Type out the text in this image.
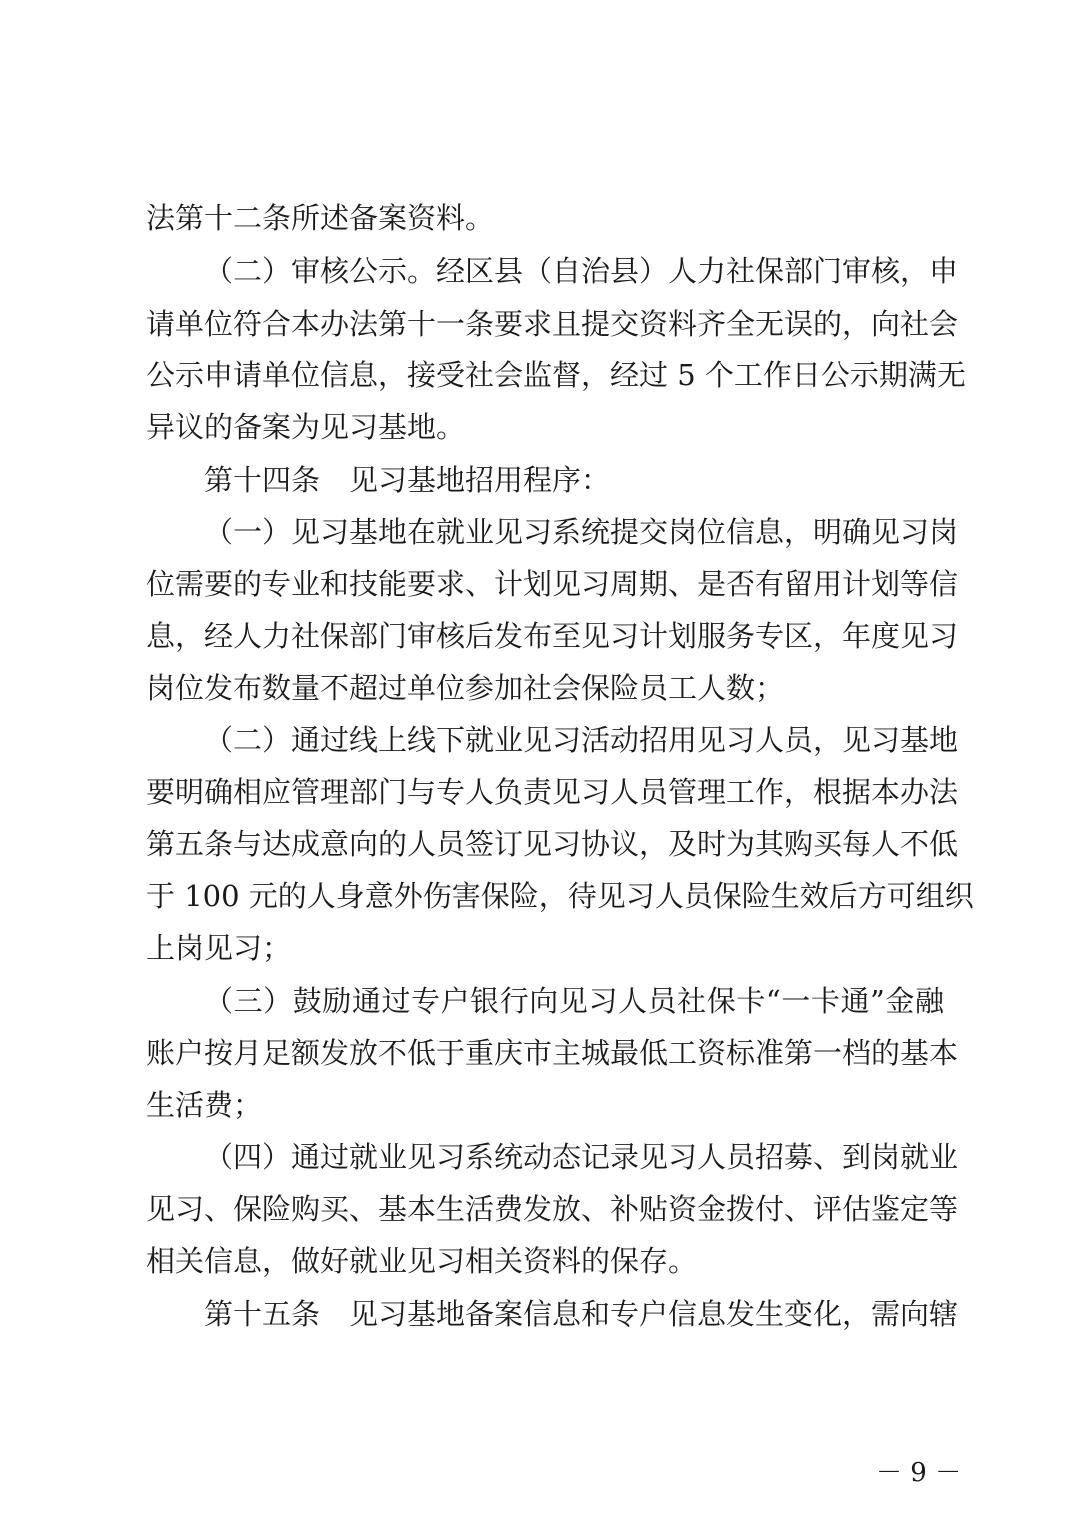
法第十二条所述备案资料。
（二）审核公示。经区县（自治县）人力社保部门审核，申
请单位符合本办法第十一条要求且提交资料齐全无误的，向社会
公示申请单位信息，接受社会监督，经过 5 个工作日公示期满无
异议的备案为见习基地。
第十四条　见习基地招用程序：
（一）见习基地在就业见习系统提交岗位信息，明确见习岗
位需要的专业和技能要求、计划见习周期、是否有留用计划等信
息，经人力社保部门审核后发布至见习计划服务专区，年度见习
岗位发布数量不超过单位参加社会保险员工人数；
（二）通过线上线下就业见习活动招用见习人员，见习基地
要明确相应管理部门与专人负责见习人员管理工作，根据本办法
第五条与达成意向的人员签订见习协议，及时为其购买每人不低
于 100 元的人身意外伤害保险，待见习人员保险生效后方可组织
上岗见习；
（三）鼓励通过专户银行向见习人员社保卡“一卡通”金融
账户按月足额发放不低于重庆市主城最低工资标准第一档的基本
生活费；
（四）通过就业见习系统动态记录见习人员招募、到岗就业
见习、保险购买、基本生活费发放、补贴资金拨付、评估鉴定等
相关信息，做好就业见习相关资料的保存。
第十五条　见习基地备案信息和专户信息发生变化，需向辖
－ 9 －
